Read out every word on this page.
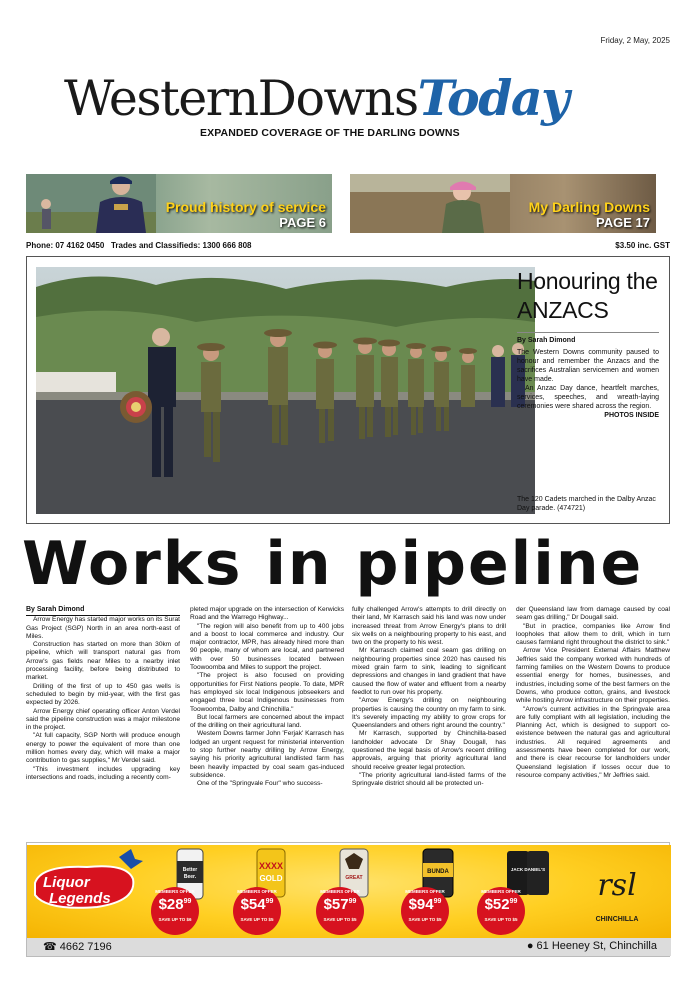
Friday, 2 May, 2025
WesternDownsToday
EXPANDED COVERAGE OF THE DARLING DOWNS
Proud history of service
PAGE 6
My Darling Downs
PAGE 17
Phone: 07 4162 0450   Trades and Classifieds: 1300 666 808	$3.50 inc. GST
Honouring the ANZACS
By Sarah Dimond

The Western Downs community paused to honour and remember the Anzacs and the sacrifices Australian servicemen and women have made.

An Anzac Day dance, heartfelt marches, services, speeches, and wreath-laying ceremonies were shared across the region.

PHOTOS INSIDE
The 120 Cadets marched in the Dalby Anzac Day parade. (474721)
Works in pipeline

By Sarah Dimond

Arrow Energy has started major works on its Surat Gas Project (SGP) North in an area north-east of Miles.

Construction has started on more than 30km of pipeline, which will transport natural gas from Arrow's gas fields near Miles to a nearby inlet processing facility, before being distributed to market.

Drilling of the first of up to 450 gas wells is scheduled to begin by mid-year, with the first gas expected by 2026.

Arrow Energy chief operating officer Anton Verdel said the pipeline construction was a major milestone in the project.

"At full capacity, SGP North will produce enough energy to power the equivalent of more than one million homes every day, which will make a major contribution to gas supplies," Mr Verdel said.

"This investment includes upgrading key intersections and roads, including a recently com-

pleted major upgrade on the intersection of Kerwicks Road and the Warrego Highway...

"The region will also benefit from up to 400 jobs and a boost to local commerce and industry. Our major contractor, MPR, has already hired more than 90 people, many of whom are local, and partnered with over 50 businesses located between Toowoomba and Miles to support the project.

"The project is also focused on providing opportunities for First Nations people. To date, MPR has employed six local Indigenous jobseekers and engaged three local Indigenous businesses from Toowoomba, Dalby and Chinchilla."

But local farmers are concerned about the impact of the drilling on their agricultural land.

Western Downs farmer John 'Ferjak' Karrasch has lodged an urgent request for ministerial intervention to stop further nearby drilling by Arrow Energy, saying his priority agricultural landlisted farm has been heavily impacted by coal seam gas-induced subsidence.

One of the "Springvale Four" who success-

fully challenged Arrow's attempts to drill directly on their land, Mr Karrasch said his land was now under increased threat from Arrow Energy's plans to drill six wells on a neighbouring property to his east, and two on the property to his west.

Mr Karrasch claimed coal seam gas drilling on neighbouring properties since 2020 has caused his mixed grain farm to sink, leading to significant depressions and changes in land gradient that have caused the flow of water and effluent from a nearby feedlot to run over his property.

"Arrow Energy's drilling on neighbouring properties is causing the country on my farm to sink. It's severely impacting my ability to grow crops for Queenslanders and others right around the country."

Mr Karrasch, supported by Chinchilla-based landholder advocate Dr Shay Dougall, has questioned the legal basis of Arrow's recent drilling approvals, arguing that priority agricultural land should receive greater legal protection.

"The priority agricultural land-listed farms of the Springvale district should all be protected un-

der Queensland law from damage caused by coal seam gas drilling," Dr Dougall said.

"But in practice, companies like Arrow find loopholes that allow them to drill, which in turn causes farmland right throughout the district to sink."

Arrow Vice President External Affairs Matthew Jeffries said the company worked with hundreds of farming families on the Western Downs to produce essential energy for homes, businesses, and industries, including some of the best farmers on the Downs, who produce cotton, grains, and livestock while hosting Arrow infrastructure on their properties.

"Arrow's current activities in the Springvale area are fully compliant with all legislation, including the Planning Act, which is designed to support co-existence between the natural gas and agricultural industries. All required agreements and assessments have been completed for our work, and there is clear recourse for landholders under Queensland legislation if losses occur due to resource company activities," Mr Jeffries said.

Liquor
Legends
Better
Beer.
XXXX
GOLD	GREAT
BUNDA	JACK DANIEL'S rsl
CHINCHILLA
MEMBERS OFFER
$\$28^{99}$
SAVE UP TO $6
MEMBERS OFFER
$\$54^{99}$
SAVE UP TO $5
MEMBERS OFFER
$\$57^{99}$
SAVE UP TO $5
MEMBERS OFFER
$\$94^{99}$
SAVE UP TO $5
MEMBERS OFFER
$\$52^{99}$
SAVE UP TO $5
☎ 4662 7196	● 61 Heeney St, Chinchilla
